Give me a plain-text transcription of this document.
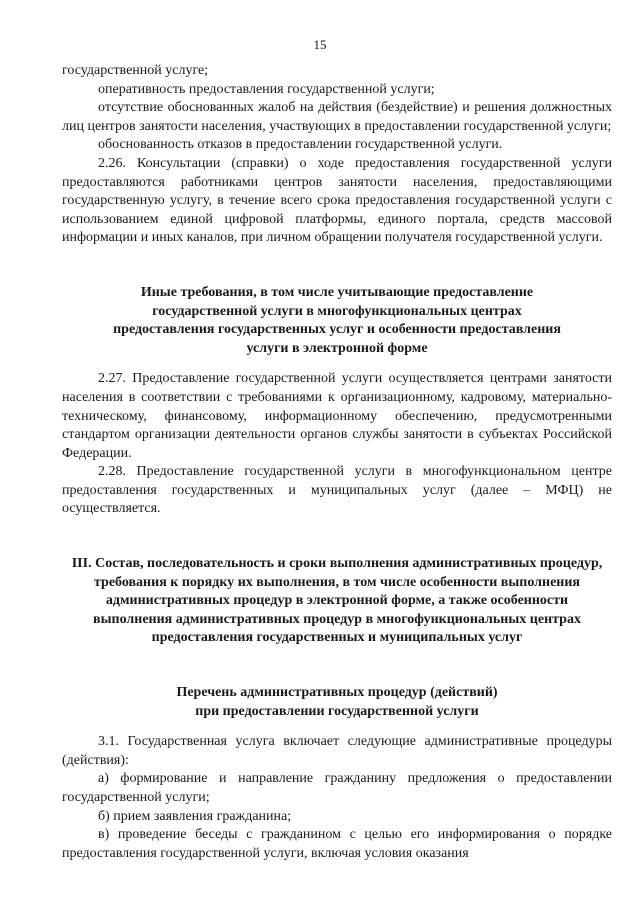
15

государственной услуге;

оперативность предоставления государственной услуги;

отсутствие обоснованных жалоб на действия (бездействие) и решения должностных лиц центров занятости населения, участвующих в предоставлении государственной услуги;

обоснованность отказов в предоставлении государственной услуги.

2.26. Консультации (справки) о ходе предоставления государственной услуги предоставляются работниками центров занятости населения, предоставляющими государственную услугу, в течение всего срока предоставления государственной услуги с использованием единой цифровой платформы, единого портала, средств массовой информации и иных каналов, при личном обращении получателя государственной услуги.

Иные требования, в том числе учитывающие предоставление государственной услуги в многофункциональных центрах предоставления государственных услуг и особенности предоставления услуги в электронной форме

2.27. Предоставление государственной услуги осуществляется центрами занятости населения в соответствии с требованиями к организационному, кадровому, материально-техническому, финансовому, информационному обеспечению, предусмотренными стандартом организации деятельности органов службы занятости в субъектах Российской Федерации.

2.28. Предоставление государственной услуги в многофункциональном центре предоставления государственных и муниципальных услуг (далее – МФЦ) не осуществляется.

III. Состав, последовательность и сроки выполнения административных процедур, требования к порядку их выполнения, в том числе особенности выполнения административных процедур в электронной форме, а также особенности выполнения административных процедур в многофункциональных центрах предоставления государственных и муниципальных услуг

Перечень административных процедур (действий) при предоставлении государственной услуги

3.1. Государственная услуга включает следующие административные процедуры (действия):

а) формирование и направление гражданину предложения о предоставлении государственной услуги;

б) прием заявления гражданина;

в) проведение беседы с гражданином с целью его информирования о порядке предоставления государственной услуги, включая условия оказания
